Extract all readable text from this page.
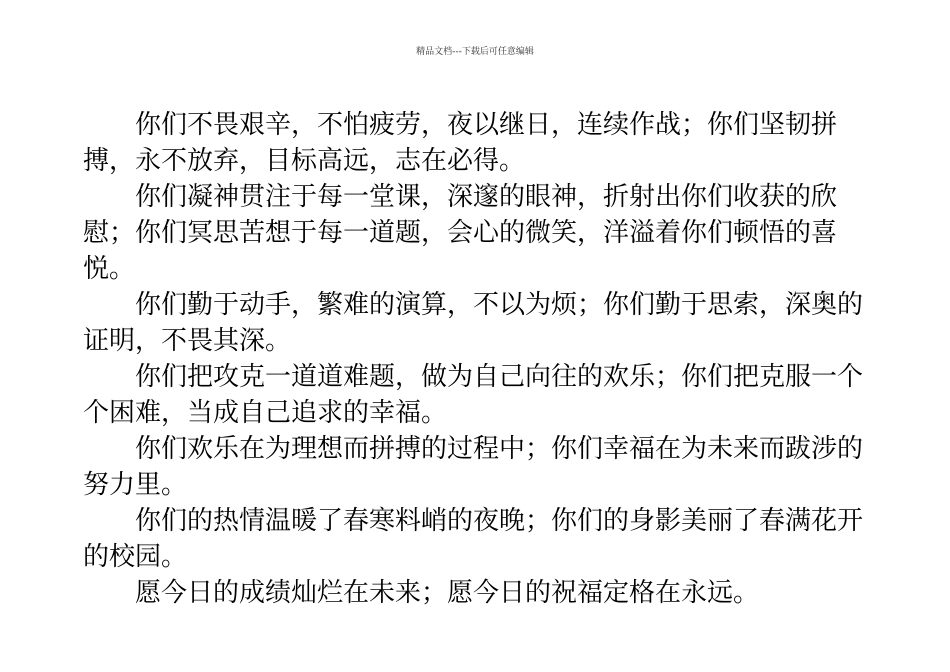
精品文档---下载后可任意编辑

你们不畏艰辛，不怕疲劳，夜以继日，连续作战；你们坚韧拼搏，永不放弃，目标高远，志在必得。

你们凝神贯注于每一堂课，深邃的眼神，折射出你们收获的欣慰；你们冥思苦想于每一道题，会心的微笑，洋溢着你们顿悟的喜悦。

你们勤于动手，繁难的演算，不以为烦；你们勤于思索，深奥的证明，不畏其深。

你们把攻克一道道难题，做为自己向往的欢乐；你们把克服一个个困难，当成自己追求的幸福。

你们欢乐在为理想而拼搏的过程中；你们幸福在为未来而跋涉的努力里。

你们的热情温暖了春寒料峭的夜晚；你们的身影美丽了春满花开的校园。

愿今日的成绩灿烂在未来；愿今日的祝福定格在永远。
